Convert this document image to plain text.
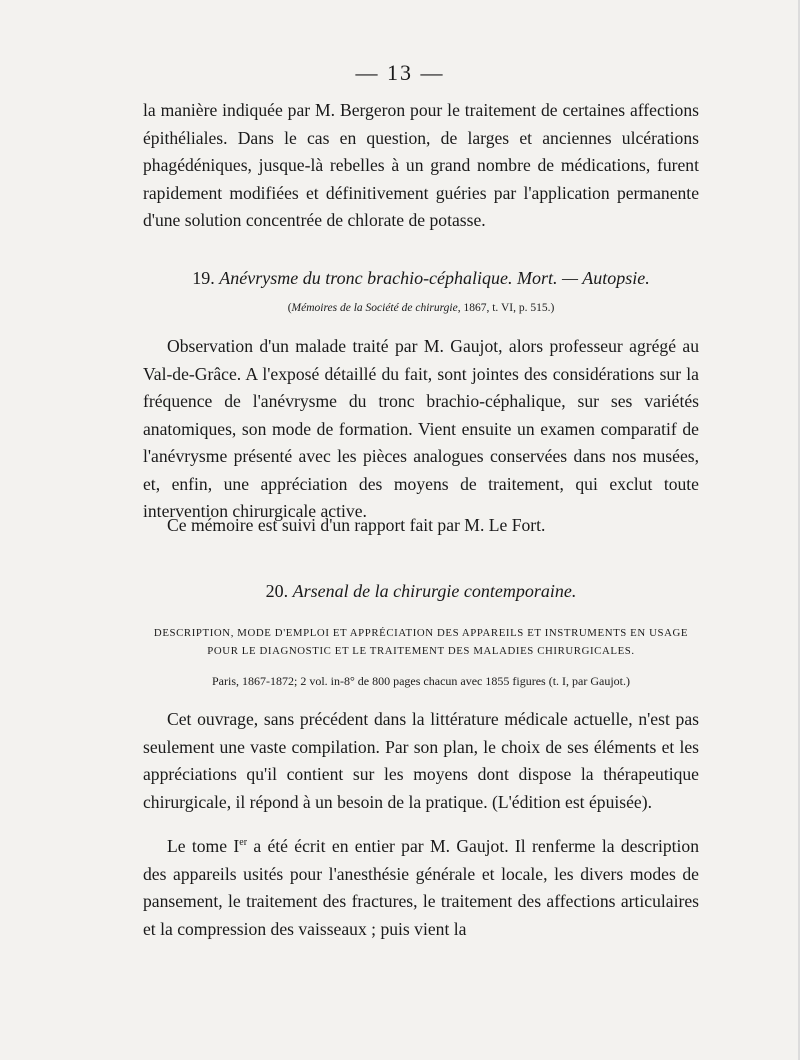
— 13 —
la manière indiquée par M. Bergeron pour le traitement de certaines affections épithéliales. Dans le cas en question, de larges et anciennes ulcérations phagédéniques, jusque-là rebelles à un grand nombre de médications, furent rapidement modifiées et définitivement guéries par l'application permanente d'une solution concentrée de chlorate de potasse.
19. Anévrysme du tronc brachio-céphalique. Mort. — Autopsie.
(Mémoires de la Société de chirurgie, 1867, t. VI, p. 515.)
Observation d'un malade traité par M. Gaujot, alors professeur agrégé au Val-de-Grâce. A l'exposé détaillé du fait, sont jointes des considérations sur la fréquence de l'anévrysme du tronc brachio-céphalique, sur ses variétés anatomiques, son mode de formation. Vient ensuite un examen comparatif de l'anévrysme présenté avec les pièces analogues conservées dans nos musées, et, enfin, une appréciation des moyens de traitement, qui exclut toute intervention chirurgicale active.
Ce mémoire est suivi d'un rapport fait par M. Le Fort.
20. Arsenal de la chirurgie contemporaine.
DESCRIPTION, MODE D'EMPLOI ET APPRÉCIATION DES APPAREILS ET INSTRUMENTS EN USAGE
POUR LE DIAGNOSTIC ET LE TRAITEMENT DES MALADIES CHIRURGICALES.
Paris, 1867-1872; 2 vol. in-8° de 800 pages chacun avec 1855 figures (t. I, par Gaujot.)
Cet ouvrage, sans précédent dans la littérature médicale actuelle, n'est pas seulement une vaste compilation. Par son plan, le choix de ses éléments et les appréciations qu'il contient sur les moyens dont dispose la thérapeutique chirurgicale, il répond à un besoin de la pratique. (L'édition est épuisée).
Le tome Ier a été écrit en entier par M. Gaujot. Il renferme la description des appareils usités pour l'anesthésie générale et locale, les divers modes de pansement, le traitement des fractures, le traitement des affections articulaires et la compression des vaisseaux ; puis vient la
